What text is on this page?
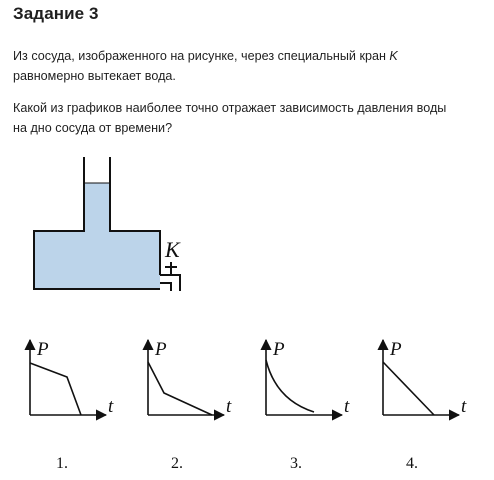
Задание 3
Из сосуда, изображенного на рисунке, через специальный кран K
равномерно вытекает вода.
Какой из графиков наиболее точно отражает зависимость давления воды
на дно сосуда от времени?
K
P
t
1.
P
t
2.
P
t
3.
P
t
4.
